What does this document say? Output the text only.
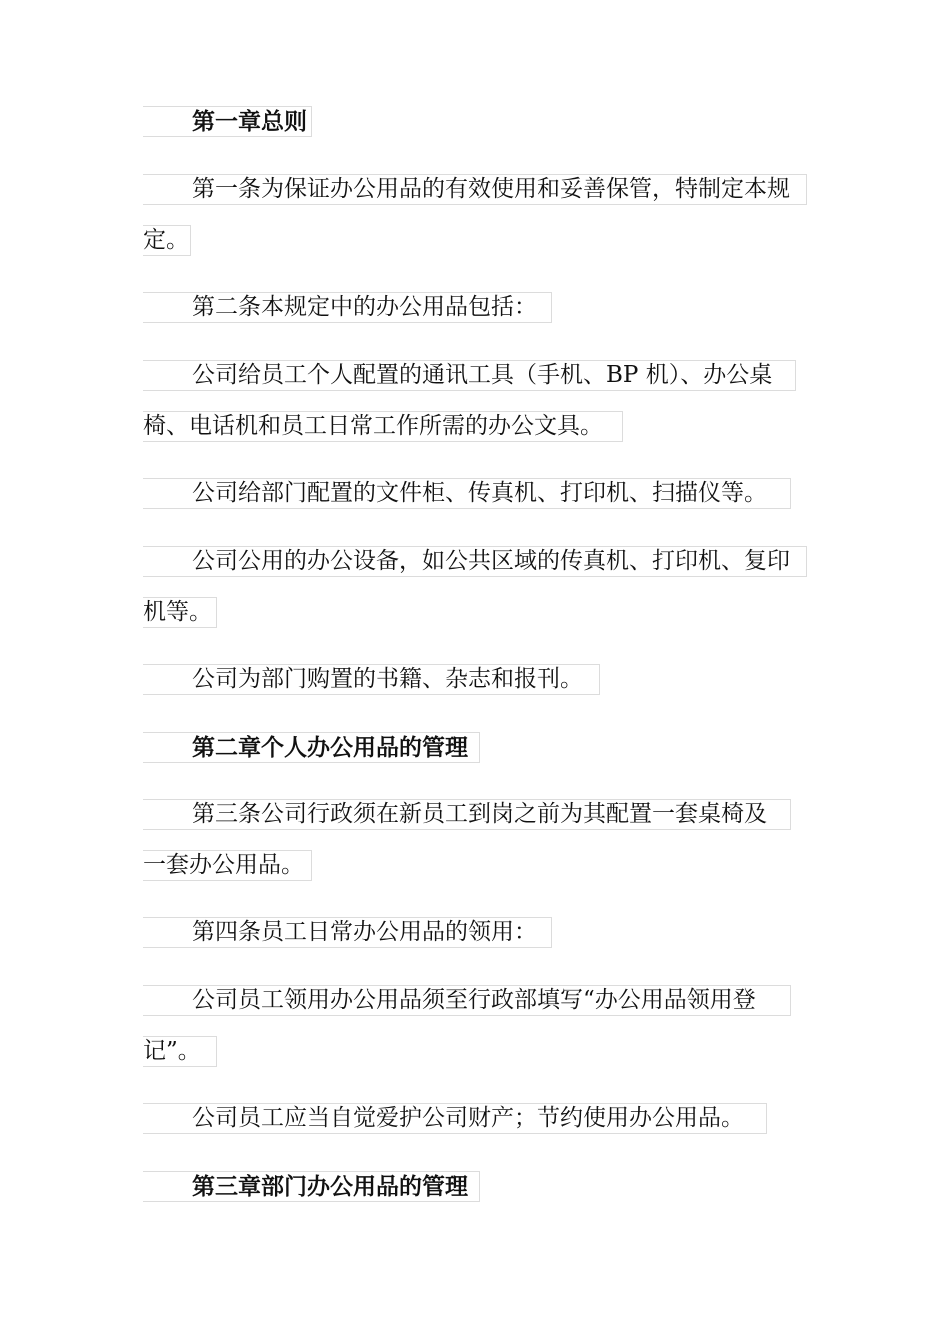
第一章总则
第一条为保证办公用品的有效使用和妥善保管，特制定本规
定。
第二条本规定中的办公用品包括：
公司给员工个人配置的通讯工具（手机、BP 机）、办公桌
椅、电话机和员工日常工作所需的办公文具。
公司给部门配置的文件柜、传真机、打印机、扫描仪等。
公司公用的办公设备，如公共区域的传真机、打印机、复印
机等。
公司为部门购置的书籍、杂志和报刊。
第二章个人办公用品的管理
第三条公司行政须在新员工到岗之前为其配置一套桌椅及
一套办公用品。
第四条员工日常办公用品的领用：
公司员工领用办公用品须至行政部填写“办公用品领用登
记”。
公司员工应当自觉爱护公司财产；节约使用办公用品。
第三章部门办公用品的管理
